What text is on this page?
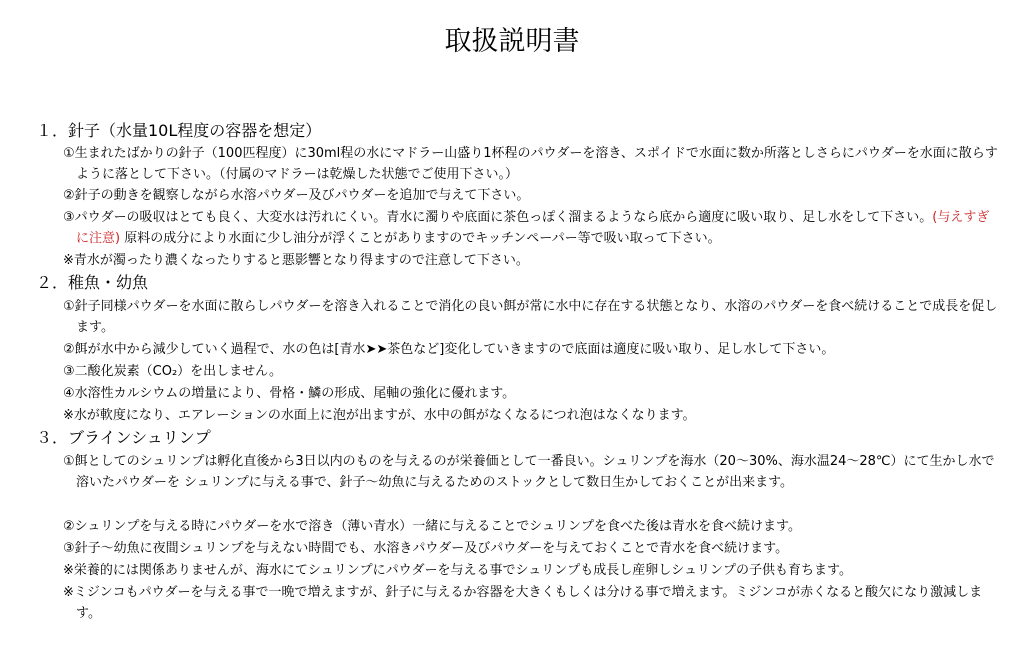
取扱説明書
１．針子（水量10L程度の容器を想定）

①生まれたばかりの針子（100匹程度）に30ml程の水にマドラー山盛り1杯程のパウダーを溶き、スポイドで水面に数か所落としさらにパウダーを水面に散らすように落として下さい。（付属のマドラーは乾燥した状態でご使用下さい。）

②針子の動きを観察しながら水溶パウダー及びパウダーを追加で与えて下さい。

③パウダーの吸収はとても良く、大変水は汚れにくい。青水に濁りや底面に茶色っぽく溜まるようなら底から適度に吸い取り、足し水をして下さい。(与えすぎに注意) 原料の成分により水面に少し油分が浮くことがありますのでキッチンペーパー等で吸い取って下さい。

※青水が濁ったり濃くなったりすると悪影響となり得ますので注意して下さい。

２．稚魚・幼魚

①針子同様パウダーを水面に散らしパウダーを溶き入れることで消化の良い餌が常に水中に存在する状態となり、水溶のパウダーを食べ続けることで成長を促します。

②餌が水中から減少していく過程で、水の色は[青水➤➤茶色など]変化していきますので底面は適度に吸い取り、足し水して下さい。

③二酸化炭素（CO₂）を出しません。

④水溶性カルシウムの増量により、骨格・鱗の形成、尾軸の強化に優れます。

※水が軟度になり、エアレーションの水面上に泡が出ますが、水中の餌がなくなるにつれ泡はなくなります。

３．ブラインシュリンプ

①餌としてのシュリンプは孵化直後から3日以内のものを与えるのが栄養価として一番良い。シュリンプを海水（20～30%、海水温24～28℃）にて生かし水で溶いたパウダーを シュリンプに与える事で、針子～幼魚に与えるためのストックとして数日生かしておくことが出来ます。

②シュリンプを与える時にパウダーを水で溶き（薄い青水）一緒に与えることでシュリンプを食べた後は青水を食べ続けます。

③針子～幼魚に夜間シュリンプを与えない時間でも、水溶きパウダー及びパウダーを与えておくことで青水を食べ続けます。

※栄養的には関係ありませんが、海水にてシュリンプにパウダーを与える事でシュリンプも成長し産卵しシュリンプの子供も育ちます。

※ミジンコもパウダーを与える事で一晩で増えますが、針子に与えるか容器を大きくもしくは分ける事で増えます。ミジンコが赤くなると酸欠になり激減します。
